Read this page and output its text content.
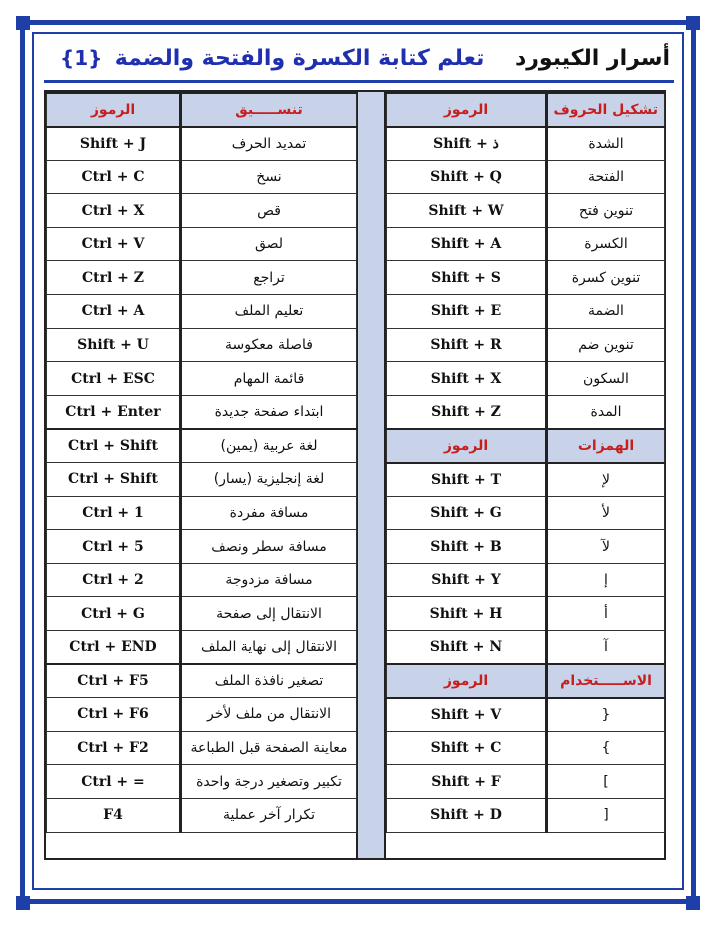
أسرار الكيبورد    تعلم كتابة الكسرة والفتحة والضمة
{1}
تشكيل الحروف	الرموز
الشدة	Shift + ذ
الفتحة	Shift + Q
تنوين فتح	Shift + W
الكسرة	Shift + A
تنوين كسرة	Shift + S
الضمة	Shift + E
تنوين ضم	Shift + R
السكون	Shift + X
المدة	Shift + Z
الهمزات	الرموز
لإ	Shift + T
لأ	Shift + G
لآ	Shift + B
إ	Shift + Y
أ	Shift + H
آ	Shift + N
الاســـــتخدام	الرموز
{	Shift + V
}	Shift + C
]	Shift + F
[	Shift + D
تنســـــيق	الرموز
تمديد الحرف	Shift + J
نسخ	Ctrl + C
قص	Ctrl + X
لصق	Ctrl + V
تراجع	Ctrl + Z
تعليم الملف	Ctrl + A
فاصلة معكوسة	Shift + U
قائمة المهام	Ctrl + ESC
ابتداء صفحة جديدة	Ctrl + Enter
لغة عربية (يمين)	Ctrl + Shift
لغة إنجليزية (يسار)	Ctrl + Shift
مسافة مفردة	Ctrl + 1
مسافة سطر ونصف	Ctrl + 5
مسافة مزدوجة	Ctrl + 2
الانتقال إلى صفحة	Ctrl + G
الانتقال إلى نهاية الملف	Ctrl + END
تصغير نافذة الملف	Ctrl + F5
الانتقال من ملف لأخر	Ctrl + F6
معاينة الصفحة قبل الطباعة	Ctrl + F2
تكبير وتصغير درجة واحدة	Ctrl + =
تكرار آخر عملية	F4
